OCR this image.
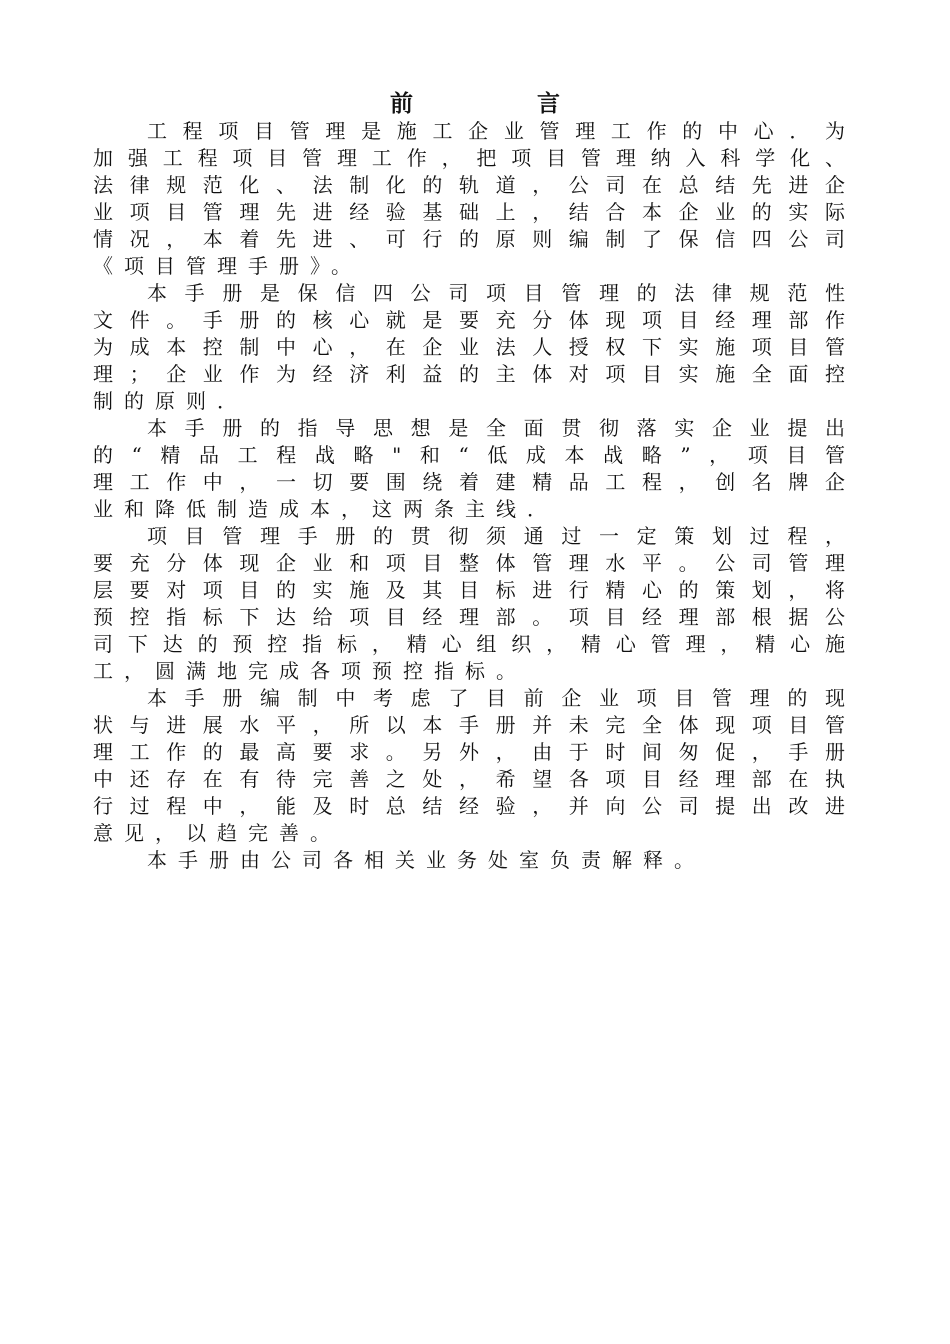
前 言
工程项目管理是施工企业管理工作的中心．为
加强工程项目管理工作，把项目管理纳入科学化、
法律规范化、法制化的轨道，公司在总结先进企
业项目管理先进经验基础上，结合本企业的实际
情况，本着先进、可行的原则编制了保信四公司
《项目管理手册》。
本手册是保信四公司项目管理的法律规范性
文件。手册的核心就是要充分体现项目经理部作
为成本控制中心，在企业法人授权下实施项目管
理；企业作为经济利益的主体对项目实施全面控
制的原则．
本手册的指导思想是全面贯彻落实企业提出
的“精品工程战略"和“低成本战略”，项目管
理工作中，一切要围绕着建精品工程，创名牌企
业和降低制造成本，这两条主线．
项目管理手册的贯彻须通过一定策划过程，
要充分体现企业和项目整体管理水平。公司管理
层要对项目的实施及其目标进行精心的策划，将
预控指标下达给项目经理部。项目经理部根据公
司下达的预控指标，精心组织，精心管理，精心施
工，圆满地完成各项预控指标。
本手册编制中考虑了目前企业项目管理的现
状与进展水平，所以本手册并未完全体现项目管
理工作的最高要求。另外，由于时间匆促，手册
中还存在有待完善之处，希望各项目经理部在执
行过程中，能及时总结经验，并向公司提出改进
意见，以趋完善。
本手册由公司各相关业务处室负责解释。
